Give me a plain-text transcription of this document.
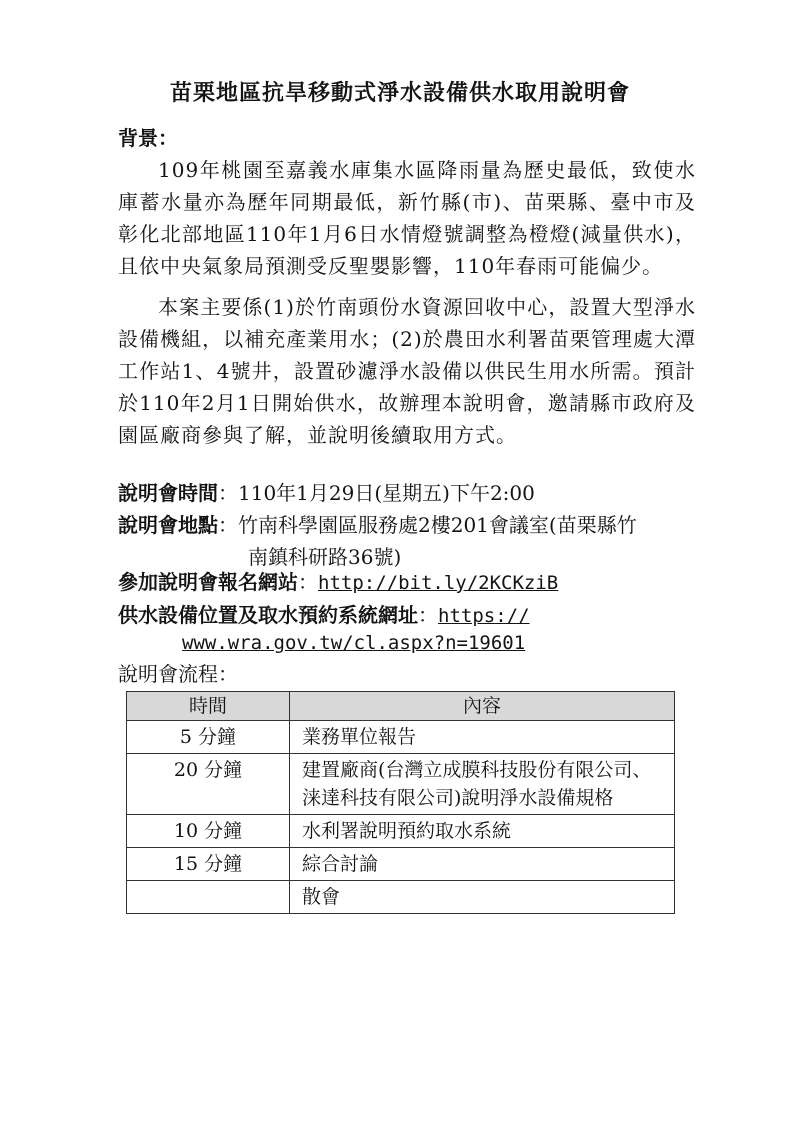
苗栗地區抗旱移動式淨水設備供水取用說明會
背景：

109年桃園至嘉義水庫集水區降雨量為歷史最低，致使水庫蓄水量亦為歷年同期最低，新竹縣(市)、苗栗縣、臺中市及彰化北部地區110年1月6日水情燈號調整為橙燈(減量供水)，且依中央氣象局預測受反聖嬰影響，110年春雨可能偏少。

本案主要係(1)於竹南頭份水資源回收中心，設置大型淨水設備機組，以補充產業用水；(2)於農田水利署苗栗管理處大潭工作站1、4號井，設置砂濾淨水設備以供民生用水所需。預計於110年2月1日開始供水，故辦理本說明會，邀請縣市政府及園區廠商參與了解，並說明後續取用方式。

說明會時間：110年1月29日(星期五)下午2:00
說明會地點：竹南科學園區服務處2樓201會議室(苗栗縣竹
南鎮科研路36號)
參加說明會報名網站：http://bit.ly/2KCKziB
供水設備位置及取水預約系統網址：https://
www.wra.gov.tw/cl.aspx?n=19601
說明會流程：
時間	內容
5 分鐘	業務單位報告
20 分鐘	建置廠商(台灣立成膜科技股份有限公司、涞達科技有限公司)說明淨水設備規格
10 分鐘	水利署說明預約取水系統
15 分鐘	綜合討論
	散會
